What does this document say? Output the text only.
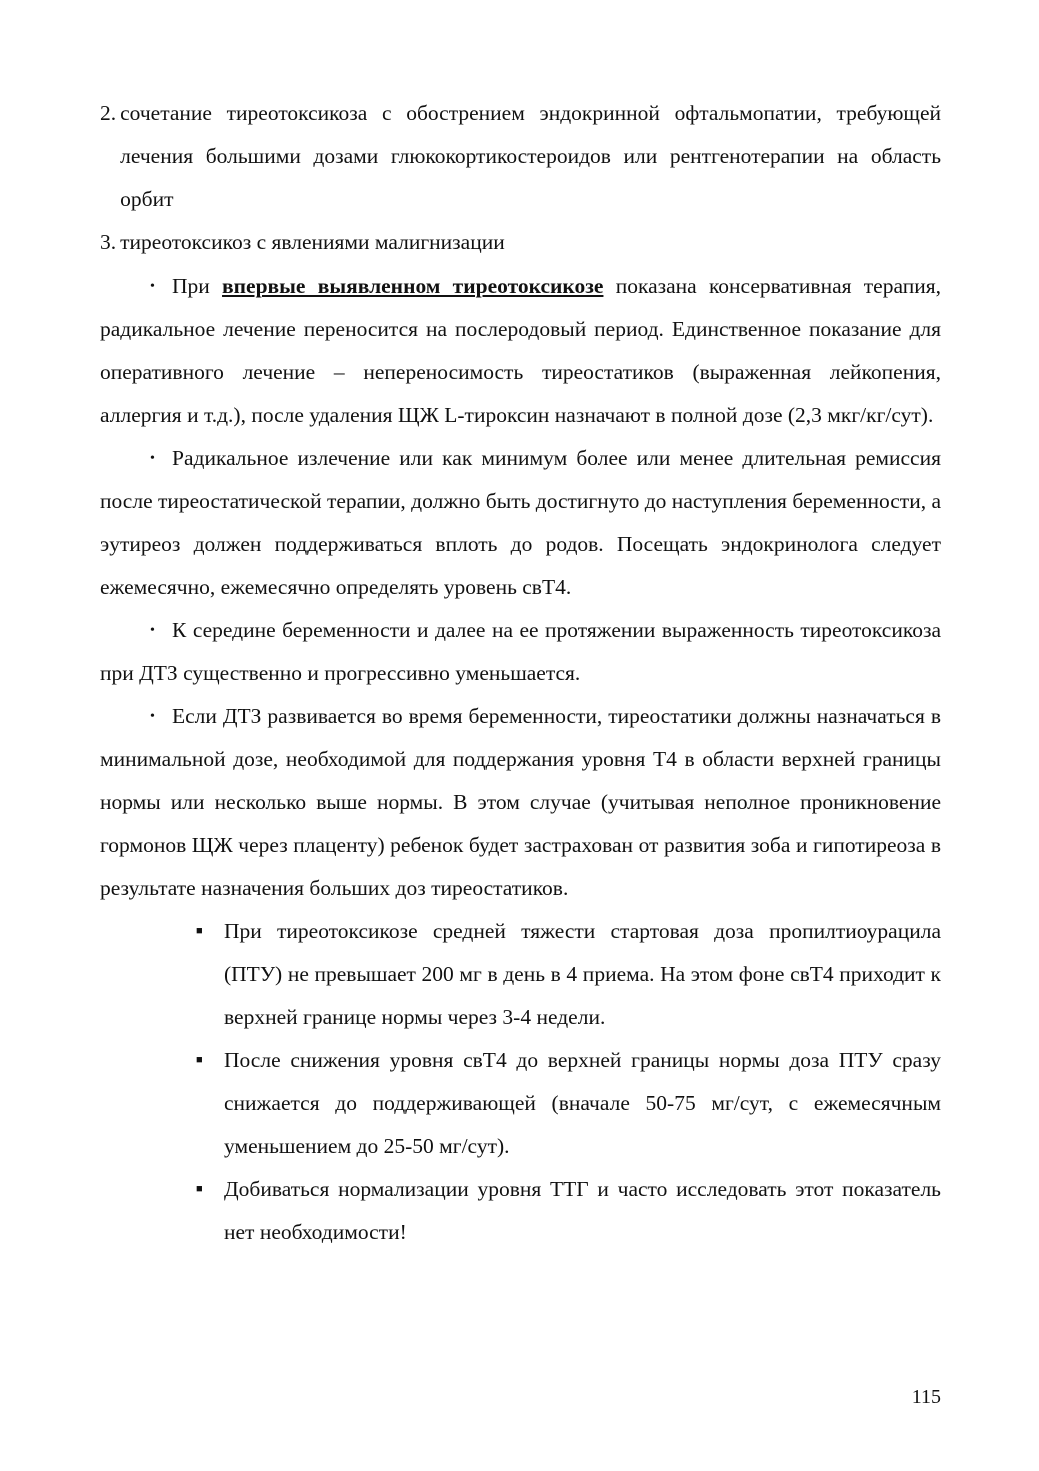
2. сочетание тиреотоксикоза с обострением эндокринной офтальмопатии, требующей лечения большими дозами глюкокортикостероидов или рентгенотерапии на область орбит
3. тиреотоксикоз с явлениями малигнизации

• При впервые выявленном тиреотоксикозе показана консервативная терапия, радикальное лечение переносится на послеродовый период. Единственное показание для оперативного лечение – непереносимость тиреостатиков (выраженная лейкопения, аллергия и т.д.), после удаления ЩЖ L-тироксин назначают в полной дозе (2,3 мкг/кг/сут).

• Радикальное излечение или как минимум более или менее длительная ремиссия после тиреостатической терапии, должно быть достигнуто до наступления беременности, а эутиреоз должен поддерживаться вплоть до родов. Посещать эндокринолога следует ежемесячно, ежемесячно определять уровень свТ4.

• К середине беременности и далее на ее протяжении выраженность тиреотоксикоза при ДТЗ существенно и прогрессивно уменьшается.

• Если ДТЗ развивается во время беременности, тиреостатики должны назначаться в минимальной дозе, необходимой для поддержания уровня Т4 в области верхней границы нормы или несколько выше нормы. В этом случае (учитывая неполное проникновение гормонов ЩЖ через плаценту) ребенок будет застрахован от развития зоба и гипотиреоза в результате назначения больших доз тиреостатиков.

■ При тиреотоксикозе средней тяжести стартовая доза пропилтиоурацила (ПТУ) не превышает 200 мг в день в 4 приема. На этом фоне свТ4 приходит к верхней границе нормы через 3-4 недели.
■ После снижения уровня свТ4 до верхней границы нормы доза ПТУ сразу снижается до поддерживающей (вначале 50-75 мг/сут, с ежемесячным уменьшением до 25-50 мг/сут).
■ Добиваться нормализации уровня ТТГ и часто исследовать этот показатель нет необходимости!
115
